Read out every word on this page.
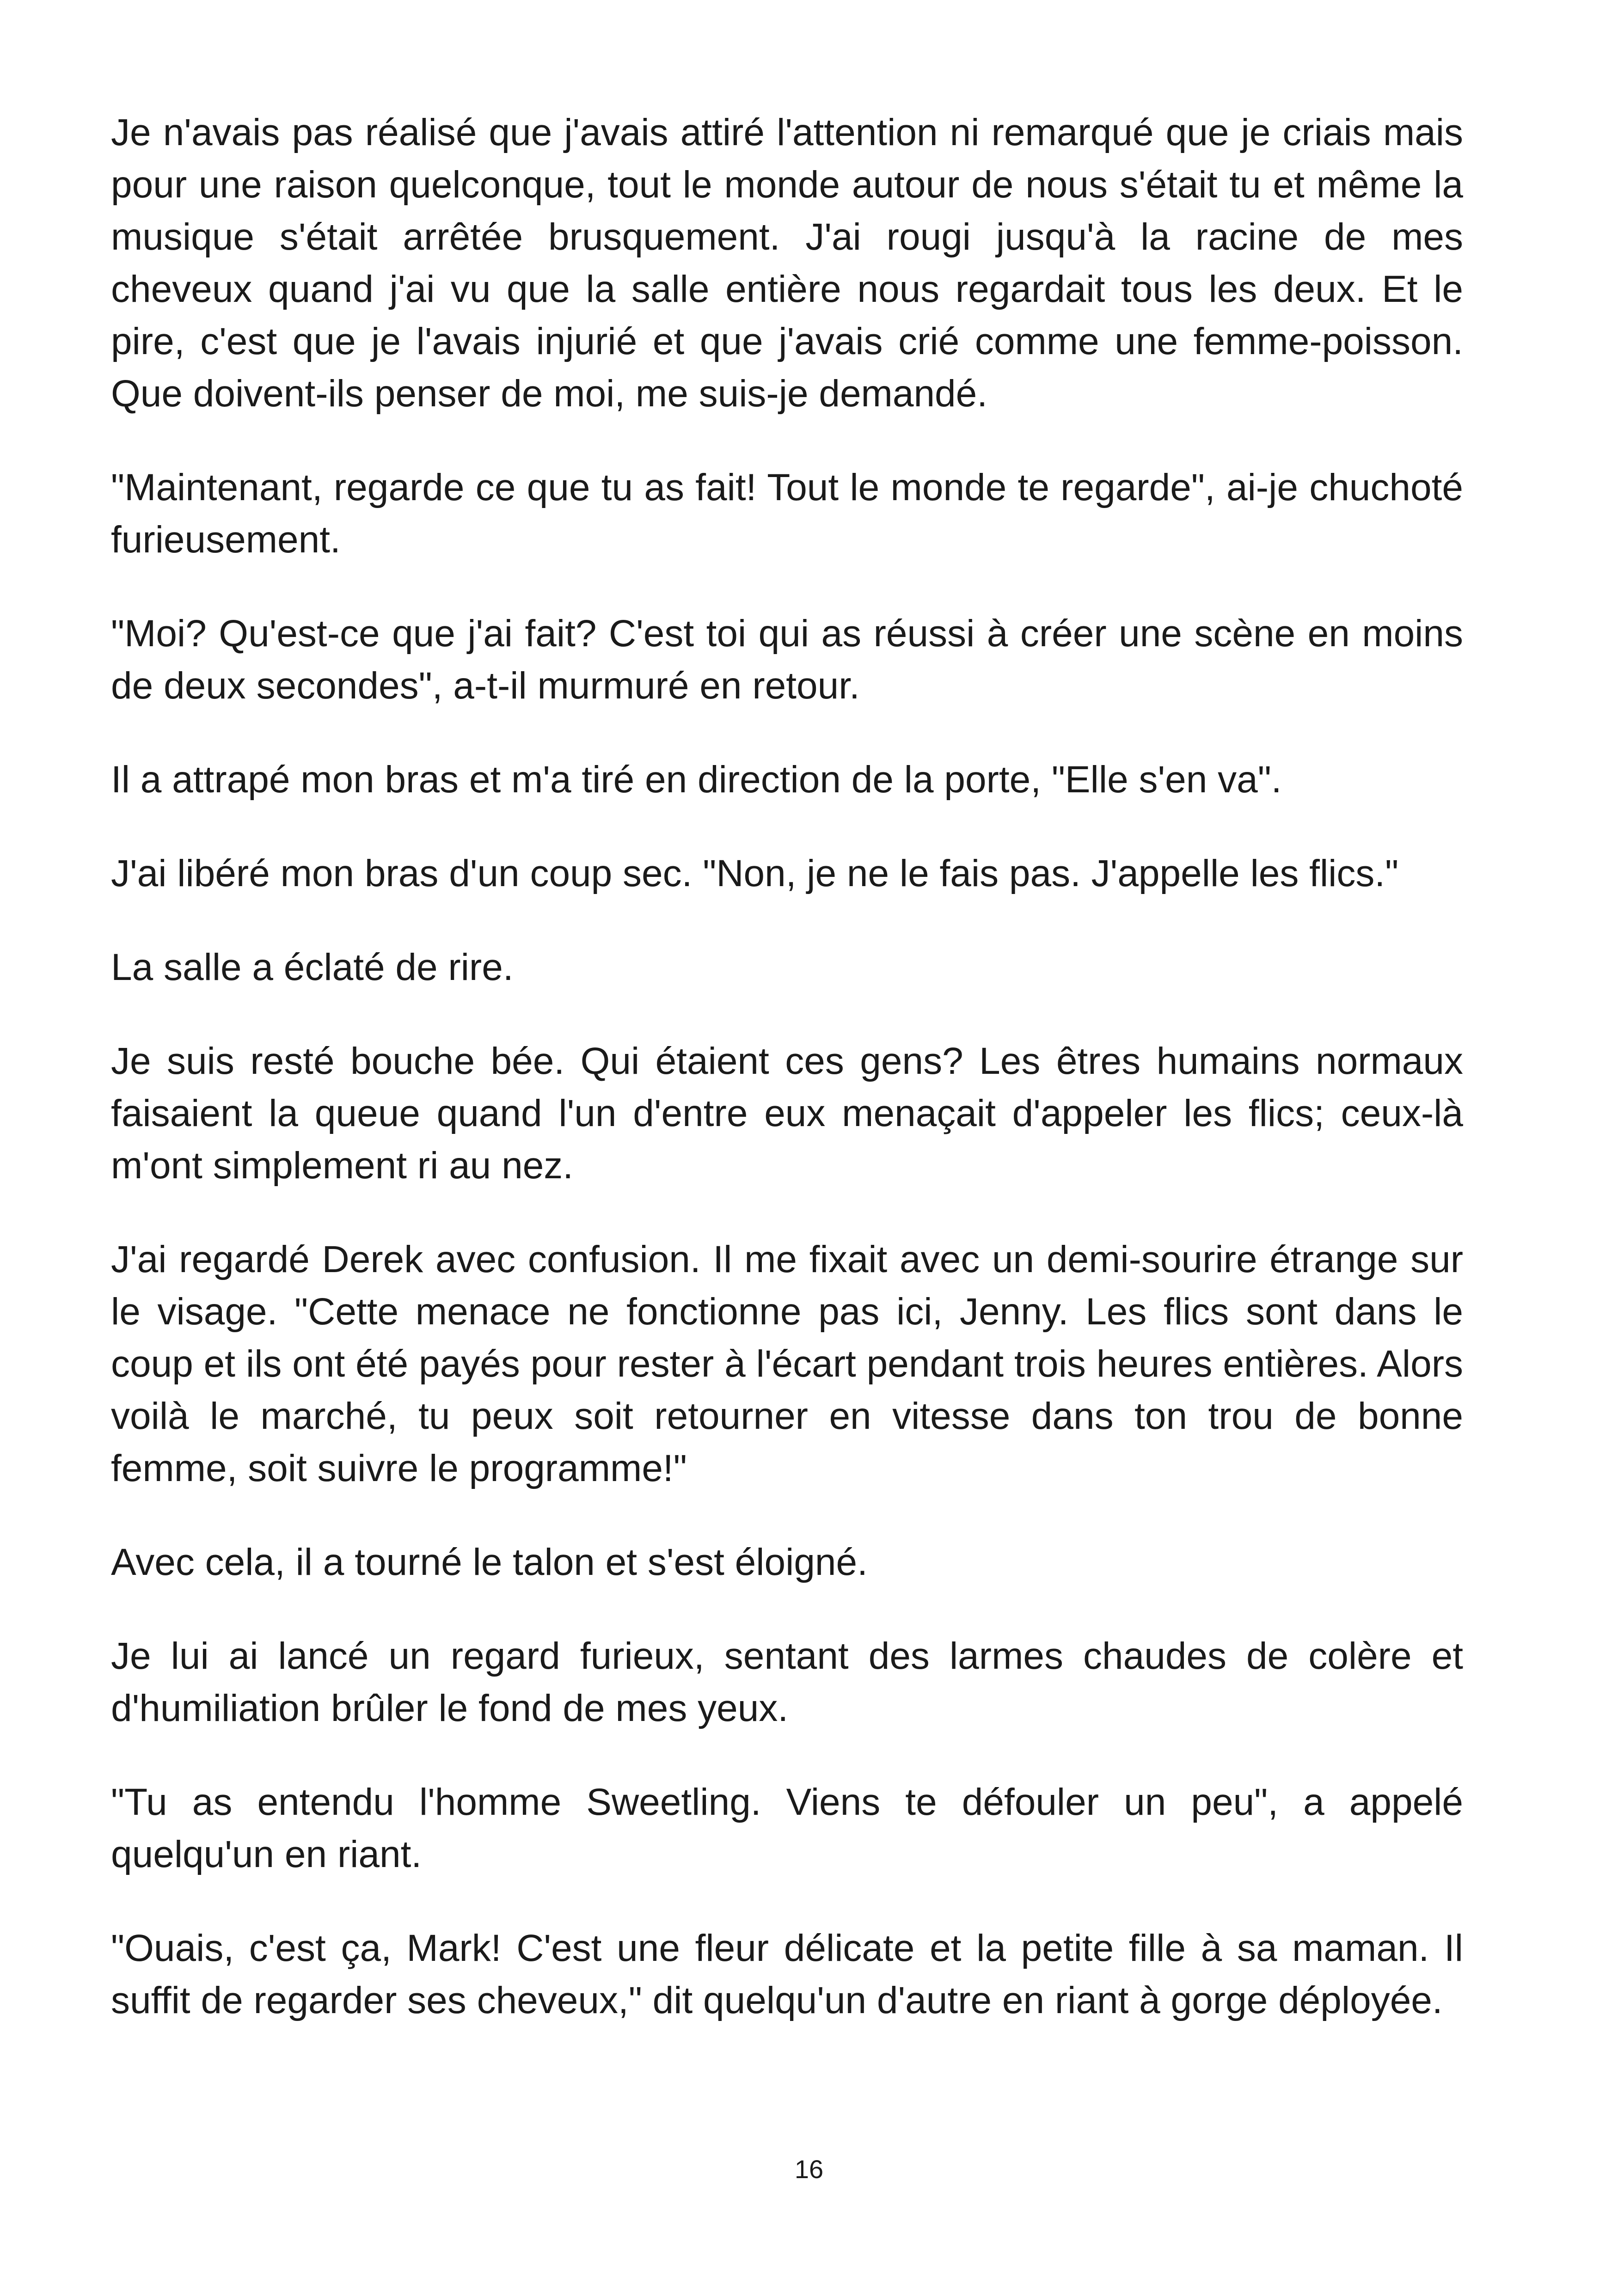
Je n'avais pas réalisé que j'avais attiré l'attention ni remarqué que je criais mais pour une raison quelconque, tout le monde autour de nous s'était tu et même la musique s'était arrêtée brusquement. J'ai rougi jusqu'à la racine de mes cheveux quand j'ai vu que la salle entière nous regardait tous les deux. Et le pire, c'est que je l'avais injurié et que j'avais crié comme une femme-poisson. Que doivent-ils penser de moi, me suis-je demandé.

"Maintenant, regarde ce que tu as fait! Tout le monde te regarde", ai-je chuchoté furieusement.

"Moi? Qu'est-ce que j'ai fait? C'est toi qui as réussi à créer une scène en moins de deux secondes", a-t-il murmuré en retour.

Il a attrapé mon bras et m'a tiré en direction de la porte, "Elle s'en va".

J'ai libéré mon bras d'un coup sec. "Non, je ne le fais pas. J'appelle les flics."

La salle a éclaté de rire.

Je suis resté bouche bée. Qui étaient ces gens? Les êtres humains normaux faisaient la queue quand l'un d'entre eux menaçait d'appeler les flics; ceux-là m'ont simplement ri au nez.

J'ai regardé Derek avec confusion. Il me fixait avec un demi-sourire étrange sur le visage. "Cette menace ne fonctionne pas ici, Jenny. Les flics sont dans le coup et ils ont été payés pour rester à l'écart pendant trois heures entières. Alors voilà le marché, tu peux soit retourner en vitesse dans ton trou de bonne femme, soit suivre le programme!"

Avec cela, il a tourné le talon et s'est éloigné.

Je lui ai lancé un regard furieux, sentant des larmes chaudes de colère et d'humiliation brûler le fond de mes yeux.

"Tu as entendu l'homme Sweetling. Viens te défouler un peu", a appelé quelqu'un en riant.

"Ouais, c'est ça, Mark! C'est une fleur délicate et la petite fille à sa maman. Il suffit de regarder ses cheveux," dit quelqu'un d'autre en riant à gorge déployée.

16
